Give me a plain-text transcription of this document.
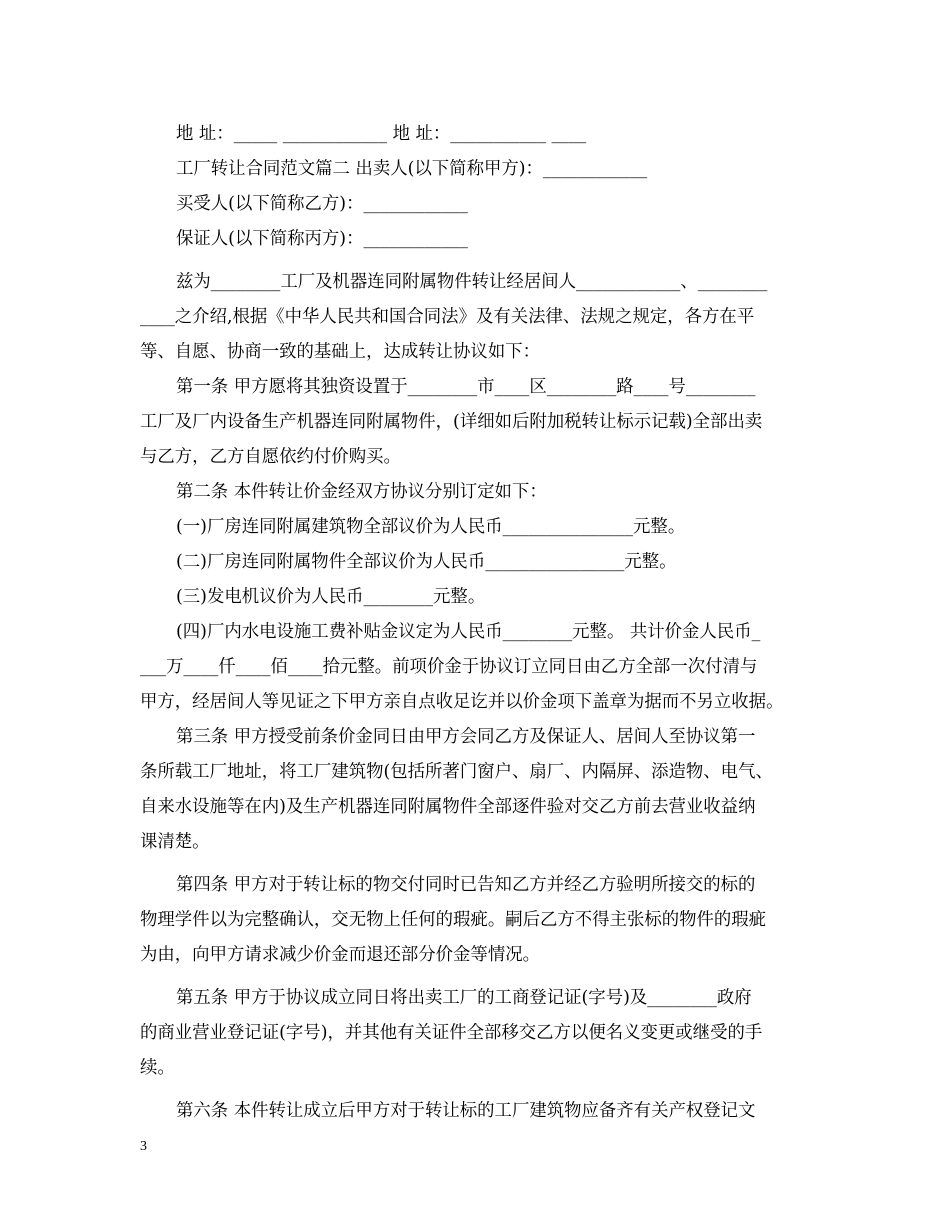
地 址：_____ ____________ 地 址：___________ ____
工厂转让合同范文篇二 出卖人(以下简称甲方)：____________
买受人(以下简称乙方)：____________
保证人(以下简称丙方)：____________
兹为________工厂及机器连同附属物件转让经居间人____________、________
____之介绍,根据《中华人民共和国合同法》及有关法律、法规之规定，各方在平
等、自愿、协商一致的基础上，达成转让协议如下：
第一条 甲方愿将其独资设置于________市____区________路____号________
工厂及厂内设备生产机器连同附属物件，(详细如后附加税转让标示记载)全部出卖
与乙方，乙方自愿依约付价购买。
第二条 本件转让价金经双方协议分别订定如下：
(一)厂房连同附属建筑物全部议价为人民币_______________元整。
(二)厂房连同附属物件全部议价为人民币________________元整。
(三)发电机议价为人民币________元整。
(四)厂内水电设施工费补贴金议定为人民币________元整。 共计价金人民币_
___万____仟____佰____拾元整。前项价金于协议订立同日由乙方全部一次付清与
甲方，经居间人等见证之下甲方亲自点收足讫并以价金项下盖章为据而不另立收据。
第三条 甲方授受前条价金同日由甲方会同乙方及保证人、居间人至协议第一
条所载工厂地址，将工厂建筑物(包括所著门窗户、扇厂、内隔屏、添造物、电气、
自来水设施等在内)及生产机器连同附属物件全部逐件验对交乙方前去营业收益纳
课清楚。
第四条 甲方对于转让标的物交付同时已告知乙方并经乙方验明所接交的标的
物理学件以为完整确认，交无物上任何的瑕疵。嗣后乙方不得主张标的物件的瑕疵
为由，向甲方请求减少价金而退还部分价金等情况。
第五条 甲方于协议成立同日将出卖工厂的工商登记证(字号)及________政府
的商业营业登记证(字号)，并其他有关证件全部移交乙方以便名义变更或继受的手
续。
第六条 本件转让成立后甲方对于转让标的工厂建筑物应备齐有关产权登记文
3
